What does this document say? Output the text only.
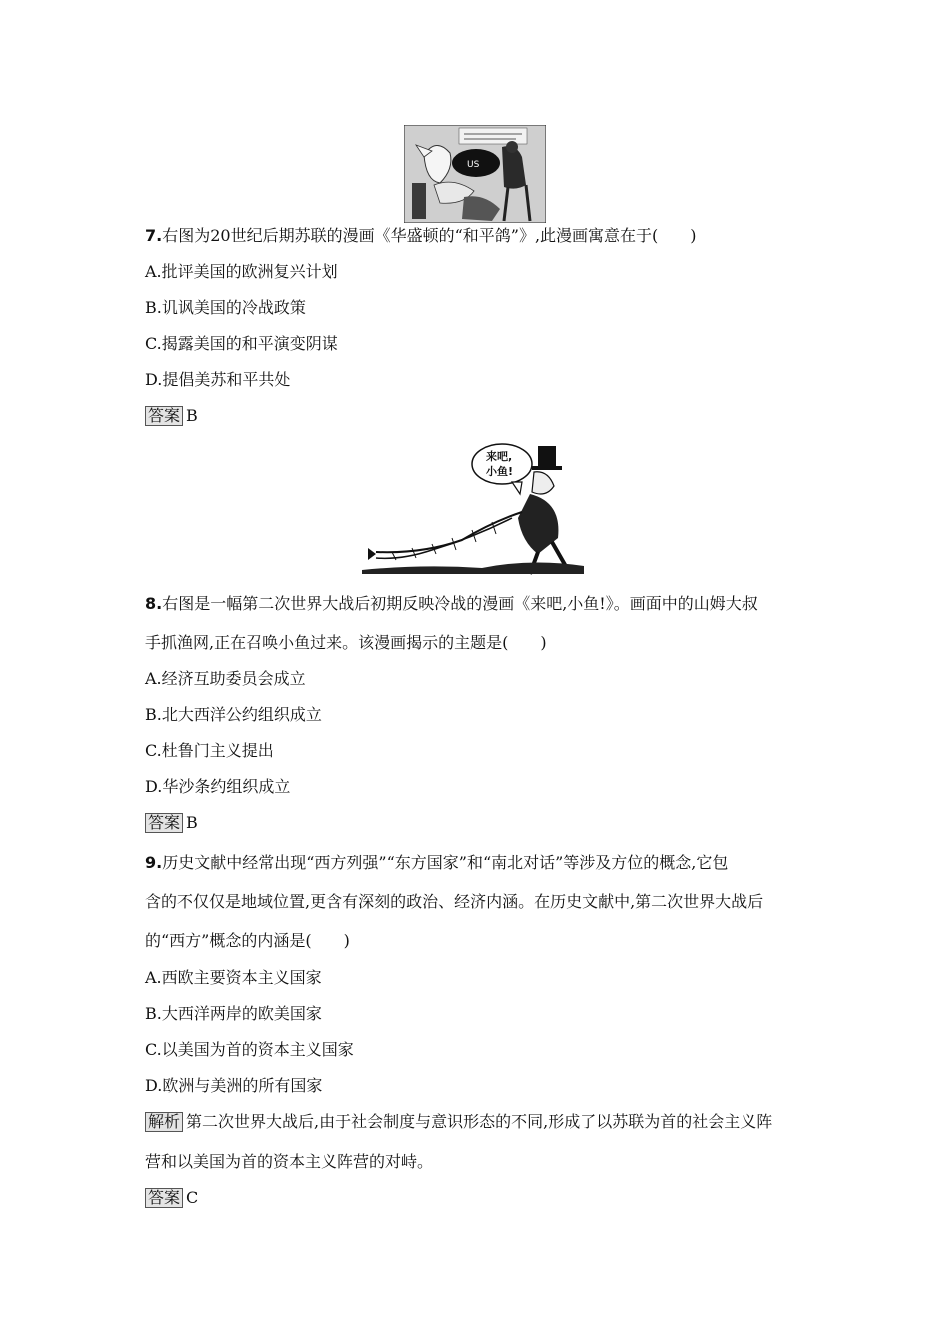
US
7.右图为20世纪后期苏联的漫画《华盛顿的“和平鸽”》,此漫画寓意在于(　　)
A.批评美国的欧洲复兴计划
B.讥讽美国的冷战政策
C.揭露美国的和平演变阴谋
D.提倡美苏和平共处
答案 B
来吧,
小鱼!
8.右图是一幅第二次世界大战后初期反映冷战的漫画《来吧,小鱼!》。画面中的山姆大叔
手抓渔网,正在召唤小鱼过来。该漫画揭示的主题是(　　)
A.经济互助委员会成立
B.北大西洋公约组织成立
C.杜鲁门主义提出
D.华沙条约组织成立
答案 B
9.历史文献中经常出现“西方列强”“东方国家”和“南北对话”等涉及方位的概念,它包
含的不仅仅是地域位置,更含有深刻的政治、经济内涵。在历史文献中,第二次世界大战后
的“西方”概念的内涵是(　　)
A.西欧主要资本主义国家
B.大西洋两岸的欧美国家
C.以美国为首的资本主义国家
D.欧洲与美洲的所有国家
解析 第二次世界大战后,由于社会制度与意识形态的不同,形成了以苏联为首的社会主义阵
营和以美国为首的资本主义阵营的对峙。
答案 C
